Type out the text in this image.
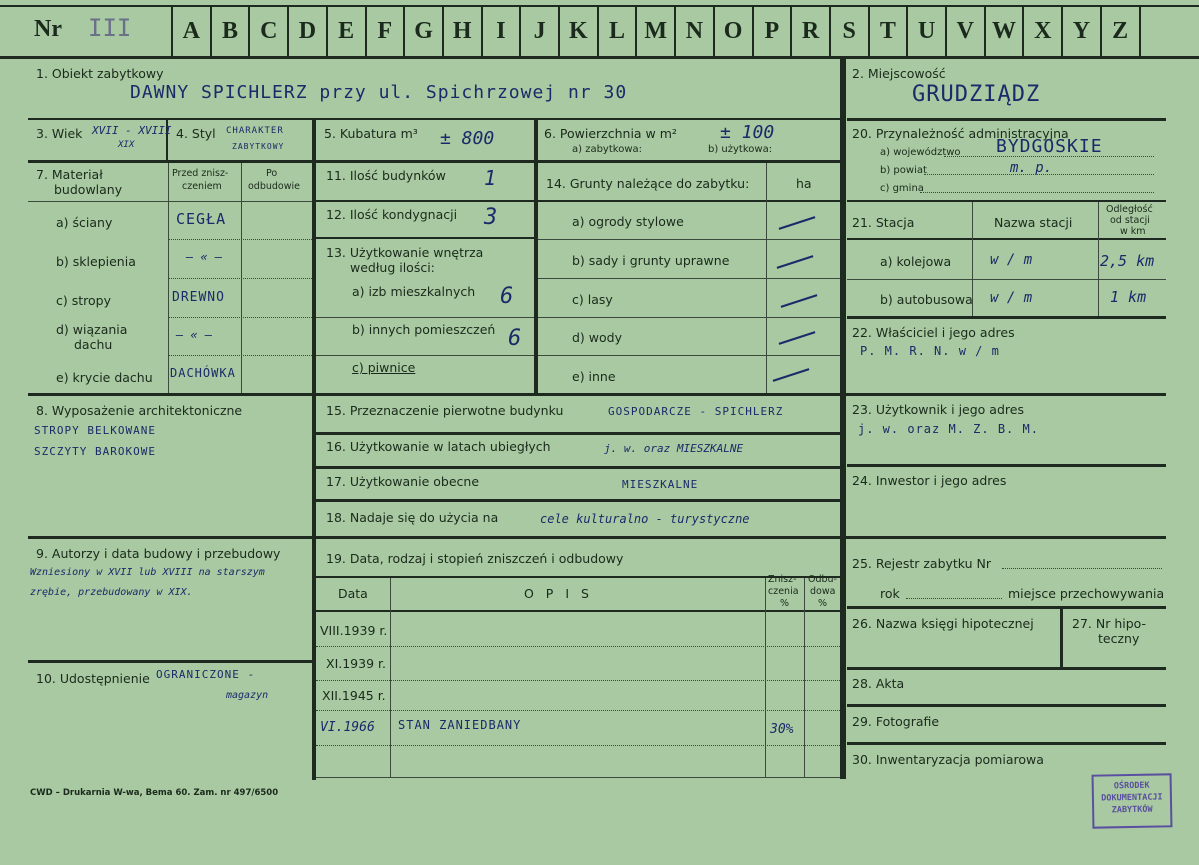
Nr III	A B C D E F G H	I	J K L M N O P R S	T U V W X Y Z
1. Obiekt zabytkowy
DAWNY SPICHLERZ przy ul. Spichrzowej nr 30
2. Miejscowość
GRUDZIĄDZ
3. Wiek XVII - XVIII
XIX
4. Styl CHARAKTER
ZABYTKOWY
5. Kubatura m³ ± 800	6. Powierzchnia w m² ± 100
a) zabytkowa:	b) użytkowa:
7. Materiał
budowlany
Przed znisz-
czeniem
Po
odbudowie
a) ściany	CEGŁA
b) sklepienia	— « —
c) stropy	DREWNO
d) wiązania
dachu
— « —
e) krycie dachu DACHÓWKA
11. Ilość budynków 1
12. Ilość kondygnacji 3
13. Użytkowanie wnętrza
według ilości:
a) izb mieszkalnych 6
b) innych pomieszczeń 6
c) piwnice
14. Grunty należące do zabytku:	ha
a) ogrody stylowe
b) sady i grunty uprawne
c) lasy
d) wody
e) inne
20. Przynależność administracyjna
a) województwo BYDGOSKIE
b) powiat	m. p.
c) gmina
21. Stacja	Nazwa stacji
Odległość
od stacji
w km
a) kolejowa	w / m	2,5 km
b) autobusowa w / m	1 km
22. Właściciel i jego adres
P. M. R. N. w / m
8. Wyposażenie architektoniczne
STROPY BELKOWANE
SZCZYTY BAROKOWE
15. Przeznaczenie pierwotne budynku	GOSPODARCZE - SPICHLERZ
16. Użytkowanie w latach ubiegłych	j. w. oraz MIESZKALNE
17. Użytkowanie obecne	MIESZKALNE
18. Nadaje się do użycia na	cele kulturalno - turystyczne
23. Użytkownik i jego adres
j. w. oraz M. Z. B. M.
24. Inwestor i jego adres
9. Autorzy i data budowy i przebudowy
Wzniesiony w XVII lub XVIII na starszym
zrębie, przebudowany w XIX.
19. Data, rodzaj i stopień zniszczeń i odbudowy
Data	O P I S
Znisz-
czenia
%
Odbu-
dowa
%
VIII.1939 r.
XI.1939 r.
XII.1945 r.
VI.1966 STAN ZANIEDBANY	30%
10. Udostępnienie OGRANICZONE -
magazyn
25. Rejestr zabytku Nr
rok	miejsce przechowywania
26. Nazwa księgi hipotecznej	27. Nr hipo-
teczny
28. Akta
29. Fotografie
30. Inwentaryzacja pomiarowa
CWD – Drukarnia W-wa, Bema 60. Zam. nr 497/6500
OŚRODEK
DOKUMENTACJI
ZABYTKÓW
